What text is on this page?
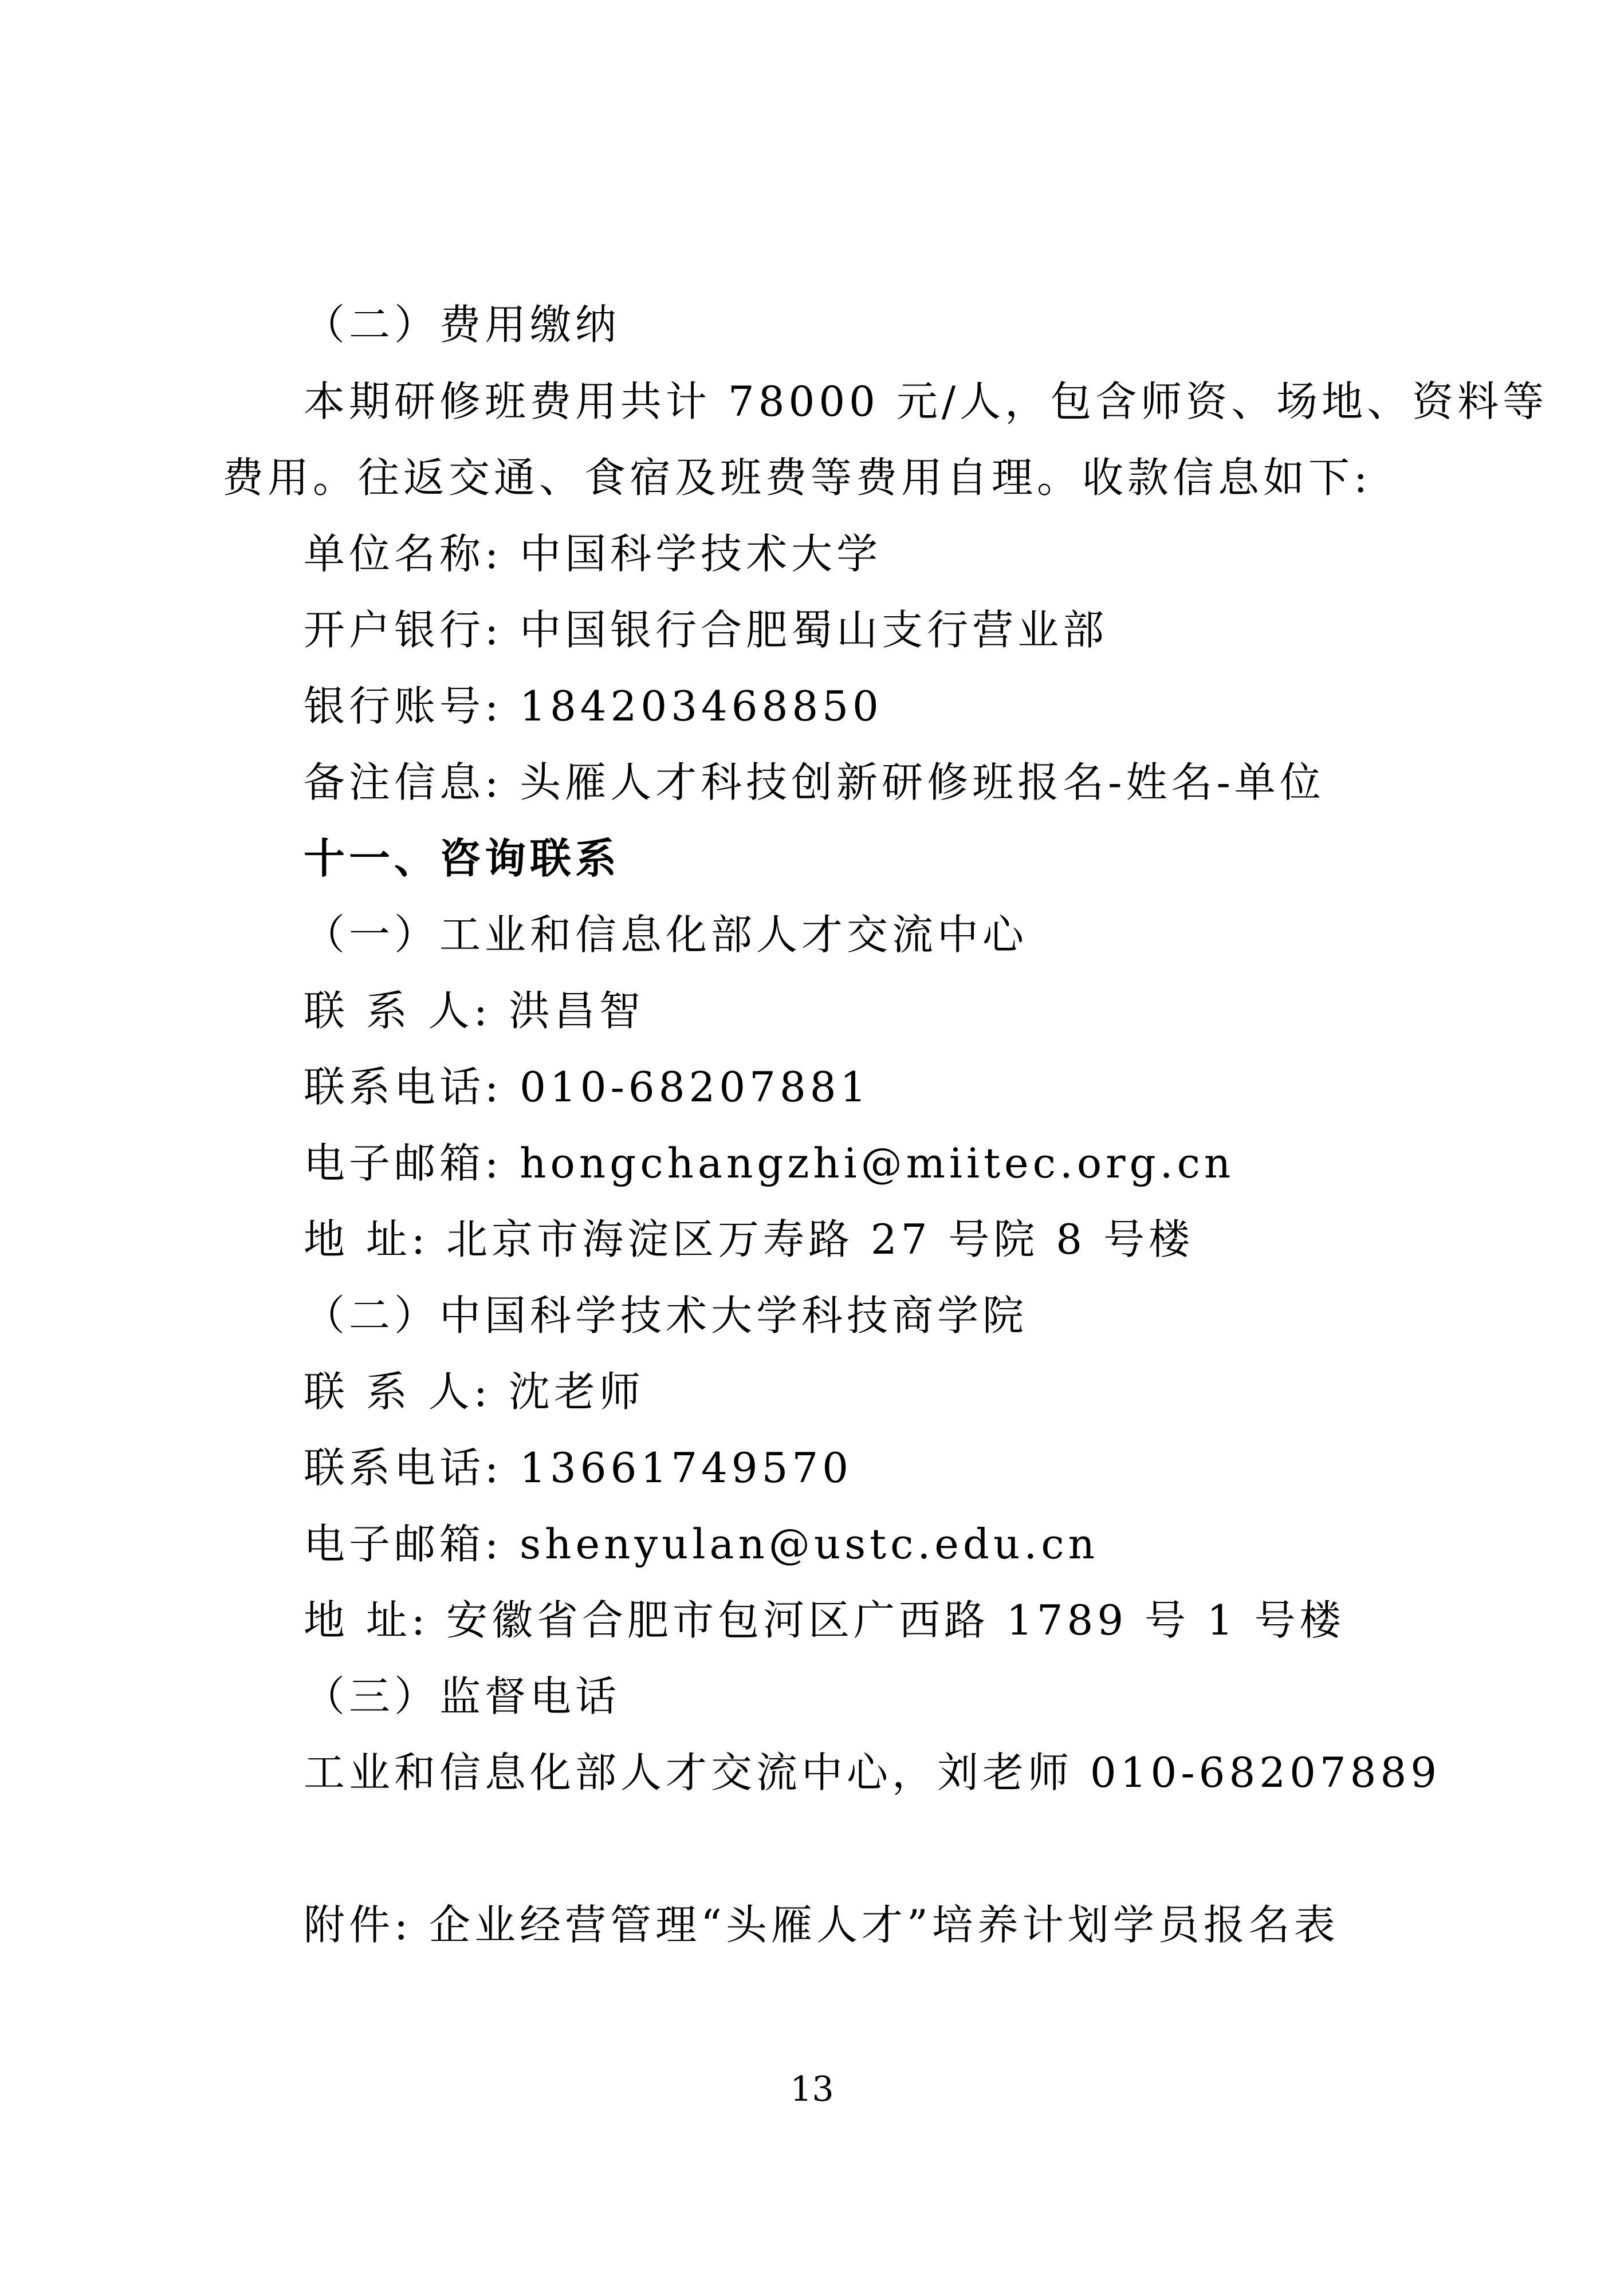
（二）费用缴纳
本期研修班费用共计 78000 元/人，包含师资、场地、资料等
费用。往返交通、食宿及班费等费用自理。收款信息如下:
单位名称: 中国科学技术大学
开户银行: 中国银行合肥蜀山支行营业部
银行账号: 184203468850
备注信息: 头雁人才科技创新研修班报名-姓名-单位
十一、咨询联系
（一）工业和信息化部人才交流中心
联 系 人: 洪昌智
联系电话: 010-68207881
电子邮箱: hongchangzhi@miitec.org.cn
地 址: 北京市海淀区万寿路 27 号院 8 号楼
（二）中国科学技术大学科技商学院
联 系 人: 沈老师
联系电话: 13661749570
电子邮箱: shenyulan@ustc.edu.cn
地 址: 安徽省合肥市包河区广西路 1789 号 1 号楼
（三）监督电话
工业和信息化部人才交流中心，刘老师 010-68207889
附件: 企业经营管理“头雁人才”培养计划学员报名表
13
